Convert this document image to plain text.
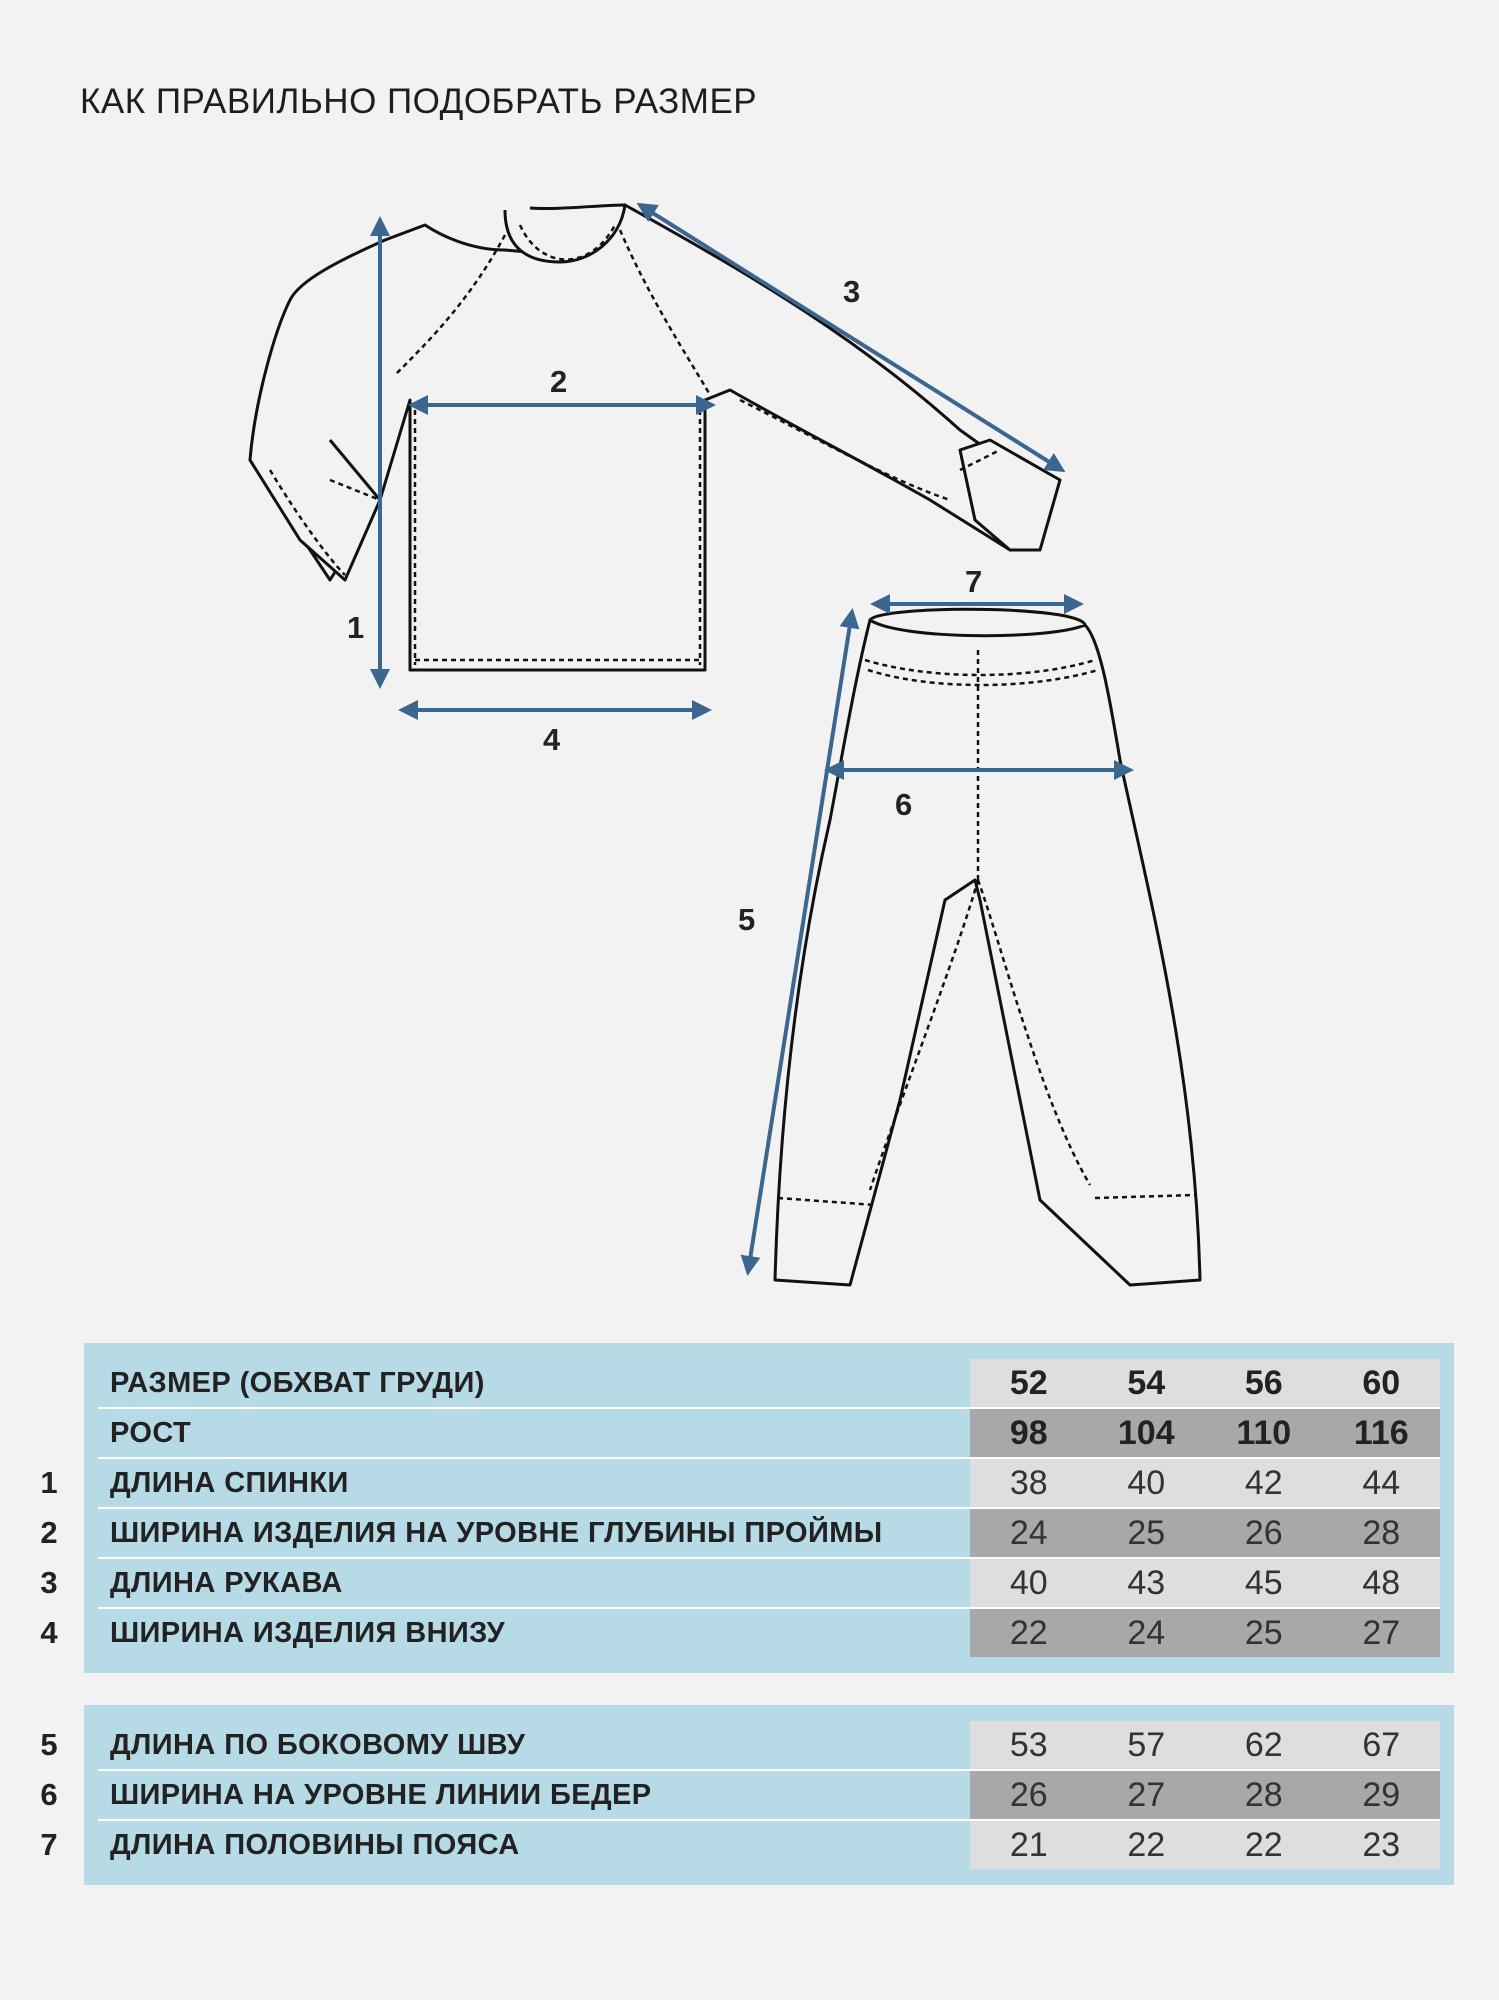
КАК ПРАВИЛЬНО ПОДОБРАТЬ РАЗМЕР
1
2
3
4
5
6
7
РАЗМЕР (ОБХВАТ ГРУДИ)	52	54	56	60
РОСТ	98	104	110	116
1	ДЛИНА СПИНКИ	38	40	42	44
2	ШИРИНА ИЗДЕЛИЯ НА УРОВНЕ ГЛУБИНЫ ПРОЙМЫ	24	25	26	28
3	ДЛИНА РУКАВА	40	43	45	48
4	ШИРИНА ИЗДЕЛИЯ ВНИЗУ	22	24	25	27
5	ДЛИНА ПО БОКОВОМУ ШВУ	53	57	62	67
6	ШИРИНА НА УРОВНЕ ЛИНИИ БЕДЕР	26	27	28	29
7	ДЛИНА ПОЛОВИНЫ ПОЯСА	21	22	22	23
